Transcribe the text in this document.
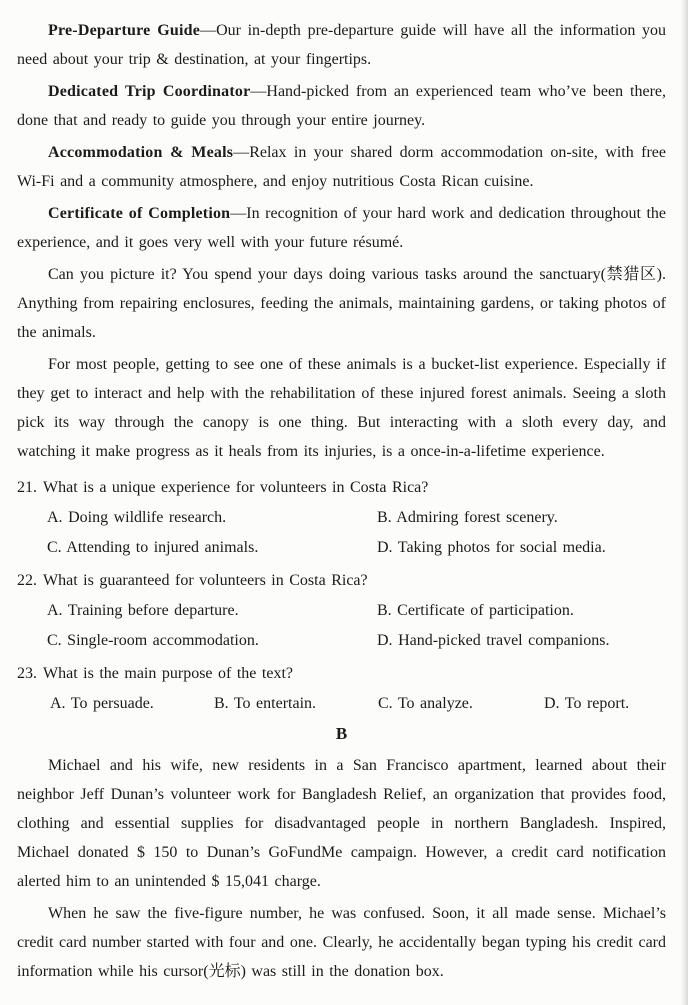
Pre-Departure Guide—Our in-depth pre-departure guide will have all the information you need about your trip & destination, at your fingertips.

Dedicated Trip Coordinator—Hand-picked from an experienced team who’ve been there, done that and ready to guide you through your entire journey.

Accommodation & Meals—Relax in your shared dorm accommodation on-site, with free Wi-Fi and a community atmosphere, and enjoy nutritious Costa Rican cuisine.

Certificate of Completion—In recognition of your hard work and dedication throughout the experience, and it goes very well with your future résumé.

Can you picture it? You spend your days doing various tasks around the sanctuary(禁猎区). Anything from repairing enclosures, feeding the animals, maintaining gardens, or taking photos of the animals.

For most people, getting to see one of these animals is a bucket-list experience. Especially if they get to interact and help with the rehabilitation of these injured forest animals. Seeing a sloth pick its way through the canopy is one thing. But interacting with a sloth every day, and watching it make progress as it heals from its injuries, is a once-in-a-lifetime experience.

21. What is a unique experience for volunteers in Costa Rica?

A. Doing wildlife research.	B. Admiring forest scenery.
C. Attending to injured animals.	D. Taking photos for social media.

22. What is guaranteed for volunteers in Costa Rica?

A. Training before departure.	B. Certificate of participation.
C. Single-room accommodation.	D. Hand-picked travel companions.

23. What is the main purpose of the text?

A. To persuade.	B. To entertain.	C. To analyze.	D. To report.
B

Michael and his wife, new residents in a San Francisco apartment, learned about their neighbor Jeff Dunan’s volunteer work for Bangladesh Relief, an organization that provides food, clothing and essential supplies for disadvantaged people in northern Bangladesh. Inspired, Michael donated $ 150 to Dunan’s GoFundMe campaign. However, a credit card notification alerted him to an unintended $ 15,041 charge.

When he saw the five-figure number, he was confused. Soon, it all made sense. Michael’s credit card number started with four and one. Clearly, he accidentally began typing his credit card information while his cursor(光标) was still in the donation box.
